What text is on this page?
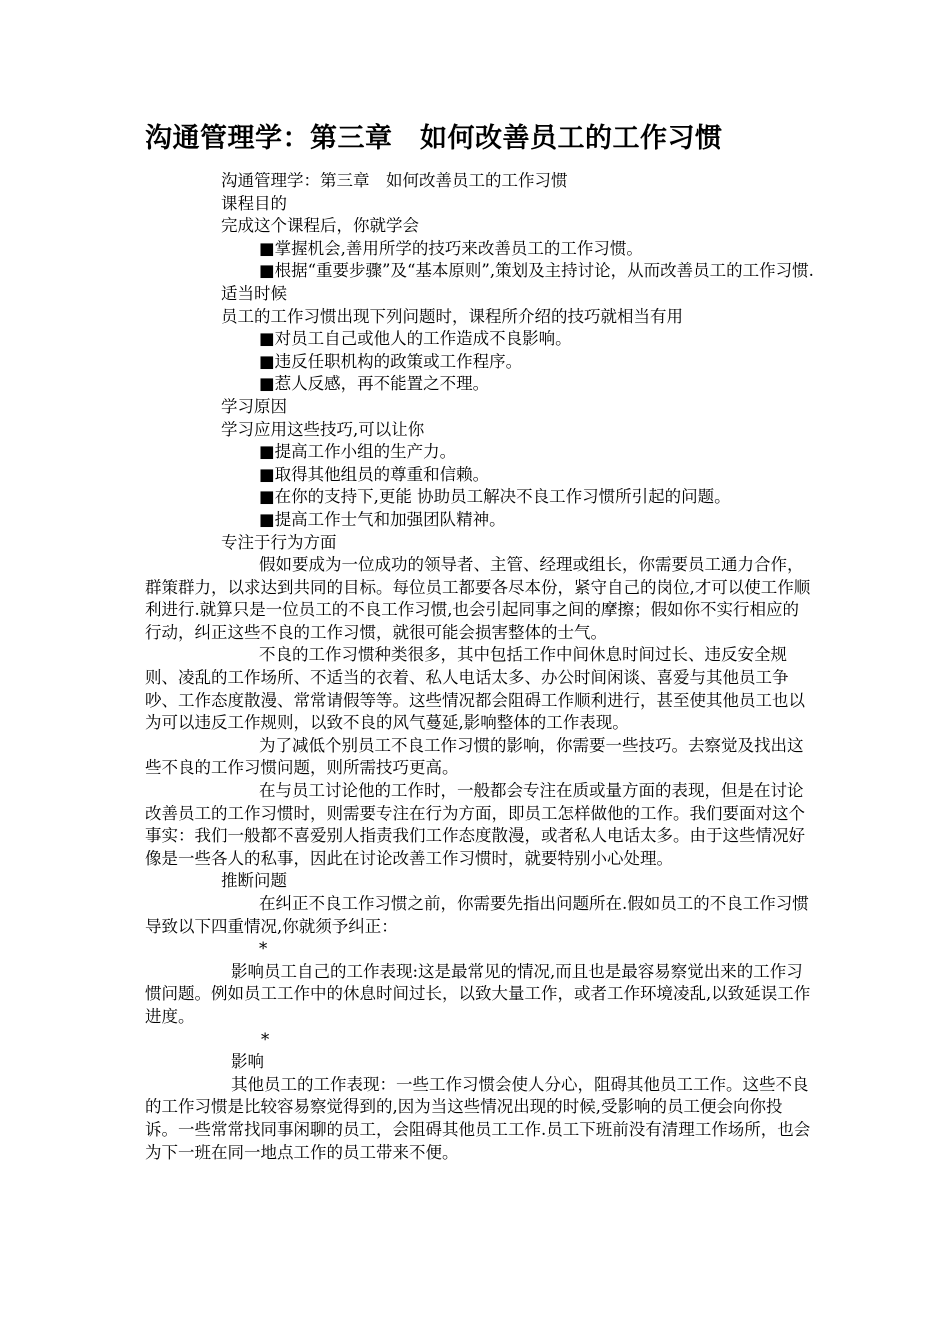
沟通管理学：第三章　如何改善员工的工作习惯

沟通管理学：第三章　如何改善员工的工作习惯

课程目的

完成这个课程后，你就学会

■掌握机会,善用所学的技巧来改善员工的工作习惯。

■根据“重要步骤”及“基本原则”,策划及主持讨论，从而改善员工的工作习惯.

适当时候

员工的工作习惯出现下列问题时，课程所介绍的技巧就相当有用

■对员工自己或他人的工作造成不良影响。

■违反任职机构的政策或工作程序。

■惹人反感，再不能置之不理。

学习原因

学习应用这些技巧,可以让你

■提高工作小组的生产力。

■取得其他组员的尊重和信赖。

■在你的支持下,更能 协助员工解决不良工作习惯所引起的问题。

■提高工作士气和加强团队精神。

专注于行为方面

假如要成为一位成功的领导者、主管、经理或组长，你需要员工通力合作，群策群力，以求达到共同的目标。每位员工都要各尽本份，紧守自己的岗位,才可以使工作顺利进行.就算只是一位员工的不良工作习惯,也会引起同事之间的摩擦；假如你不实行相应的行动，纠正这些不良的工作习惯，就很可能会损害整体的士气。

不良的工作习惯种类很多，其中包括工作中间休息时间过长、违反安全规则、凌乱的工作场所、不适当的衣着、私人电话太多、办公时间闲谈、喜爱与其他员工争吵、工作态度散漫、常常请假等等。这些情况都会阻碍工作顺利进行，甚至使其他员工也以为可以违反工作规则，以致不良的风气蔓延,影响整体的工作表现。

为了减低个别员工不良工作习惯的影响，你需要一些技巧。去察觉及找出这些不良的工作习惯问题，则所需技巧更高。

在与员工讨论他的工作时，一般都会专注在质或量方面的表现，但是在讨论改善员工的工作习惯时，则需要专注在行为方面，即员工怎样做他的工作。我们要面对这个事实：我们一般都不喜爱别人指责我们工作态度散漫，或者私人电话太多。由于这些情况好像是一些各人的私事，因此在讨论改善工作习惯时，就要特别小心处理。

推断问题

在纠正不良工作习惯之前，你需要先指出问题所在.假如员工的不良工作习惯导致以下四重情况,你就须予纠正：

*

影响员工自己的工作表现:这是最常见的情况,而且也是最容易察觉出来的工作习惯问题。例如员工工作中的休息时间过长，以致大量工作，或者工作环境凌乱,以致延误工作进度。

*

影响

其他员工的工作表现：一些工作习惯会使人分心，阻碍其他员工工作。这些不良的工作习惯是比较容易察觉得到的,因为当这些情况出现的时候,受影响的员工便会向你投诉。一些常常找同事闲聊的员工，会阻碍其他员工工作.员工下班前没有清理工作场所，也会为下一班在同一地点工作的员工带来不便。
